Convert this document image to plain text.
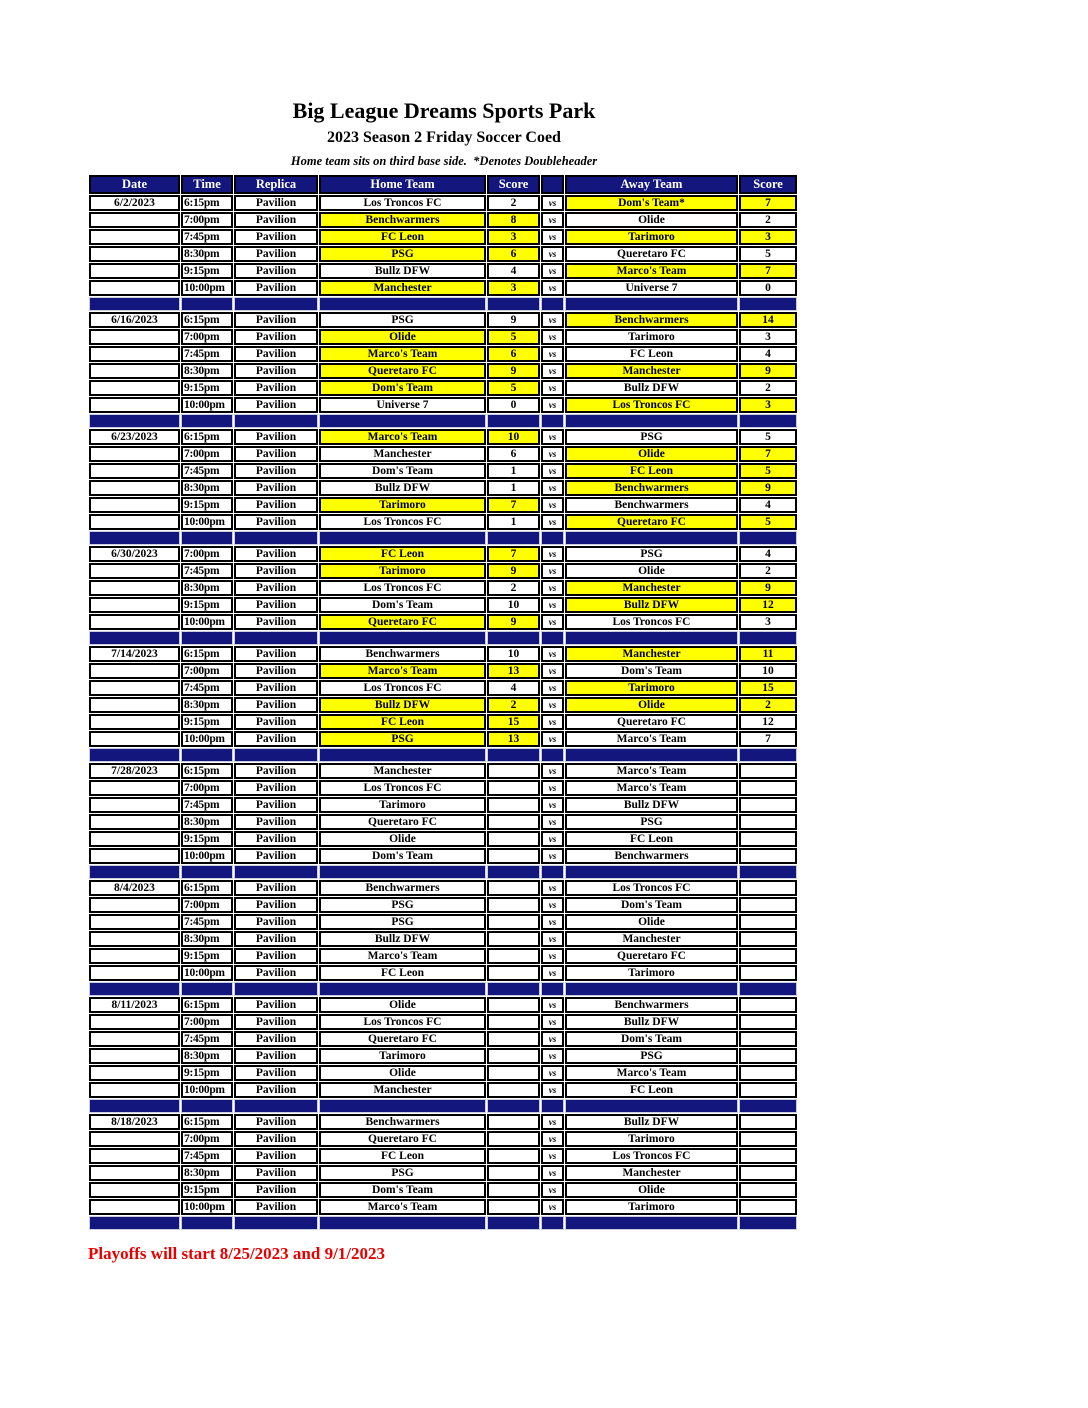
Big League Dreams Sports Park
2023 Season 2 Friday Soccer Coed
Home team sits on third base side.  *Denotes Doubleheader
Date	Time	Replica	Home Team	Score		Away Team	Score
6/2/2023	6:15pm	Pavilion	Los Troncos FC	2	vs	Dom's Team*	7
	7:00pm	Pavilion	Benchwarmers	8	vs	Olide	2
	7:45pm	Pavilion	FC Leon	3	vs	Tarimoro	3
	8:30pm	Pavilion	PSG	6	vs	Queretaro FC	5
	9:15pm	Pavilion	Bullz DFW	4	vs	Marco's Team	7
	10:00pm	Pavilion	Manchester	3	vs	Universe 7	0

6/16/2023	6:15pm	Pavilion	PSG	9	vs	Benchwarmers	14
	7:00pm	Pavilion	Olide	5	vs	Tarimoro	3
	7:45pm	Pavilion	Marco's Team	6	vs	FC Leon	4
	8:30pm	Pavilion	Queretaro FC	9	vs	Manchester	9
	9:15pm	Pavilion	Dom's Team	5	vs	Bullz DFW	2
	10:00pm	Pavilion	Universe 7	0	vs	Los Troncos FC	3

6/23/2023	6:15pm	Pavilion	Marco's Team	10	vs	PSG	5
	7:00pm	Pavilion	Manchester	6	vs	Olide	7
	7:45pm	Pavilion	Dom's Team	1	vs	FC Leon	5
	8:30pm	Pavilion	Bullz DFW	1	vs	Benchwarmers	9
	9:15pm	Pavilion	Tarimoro	7	vs	Benchwarmers	4
	10:00pm	Pavilion	Los Troncos FC	1	vs	Queretaro FC	5

6/30/2023	7:00pm	Pavilion	FC Leon	7	vs	PSG	4
	7:45pm	Pavilion	Tarimoro	9	vs	Olide	2
	8:30pm	Pavilion	Los Troncos FC	2	vs	Manchester	9
	9:15pm	Pavilion	Dom's Team	10	vs	Bullz DFW	12
	10:00pm	Pavilion	Queretaro FC	9	vs	Los Troncos FC	3

7/14/2023	6:15pm	Pavilion	Benchwarmers	10	vs	Manchester	11
	7:00pm	Pavilion	Marco's Team	13	vs	Dom's Team	10
	7:45pm	Pavilion	Los Troncos FC	4	vs	Tarimoro	15
	8:30pm	Pavilion	Bullz DFW	2	vs	Olide	2
	9:15pm	Pavilion	FC Leon	15	vs	Queretaro FC	12
	10:00pm	Pavilion	PSG	13	vs	Marco's Team	7

7/28/2023	6:15pm	Pavilion	Manchester		vs	Marco's Team	
	7:00pm	Pavilion	Los Troncos FC		vs	Marco's Team	
	7:45pm	Pavilion	Tarimoro		vs	Bullz DFW	
	8:30pm	Pavilion	Queretaro FC		vs	PSG	
	9:15pm	Pavilion	Olide		vs	FC Leon	
	10:00pm	Pavilion	Dom's Team		vs	Benchwarmers	

8/4/2023	6:15pm	Pavilion	Benchwarmers		vs	Los Troncos FC	
	7:00pm	Pavilion	PSG		vs	Dom's Team	
	7:45pm	Pavilion	PSG		vs	Olide	
	8:30pm	Pavilion	Bullz DFW		vs	Manchester	
	9:15pm	Pavilion	Marco's Team		vs	Queretaro FC	
	10:00pm	Pavilion	FC Leon		vs	Tarimoro	

8/11/2023	6:15pm	Pavilion	Olide		vs	Benchwarmers	
	7:00pm	Pavilion	Los Troncos FC		vs	Bullz DFW	
	7:45pm	Pavilion	Queretaro FC		vs	Dom's Team	
	8:30pm	Pavilion	Tarimoro		vs	PSG	
	9:15pm	Pavilion	Olide		vs	Marco's Team	
	10:00pm	Pavilion	Manchester		vs	FC Leon	

8/18/2023	6:15pm	Pavilion	Benchwarmers		vs	Bullz DFW	
	7:00pm	Pavilion	Queretaro FC		vs	Tarimoro	
	7:45pm	Pavilion	FC Leon		vs	Los Troncos FC	
	8:30pm	Pavilion	PSG		vs	Manchester	
	9:15pm	Pavilion	Dom's Team		vs	Olide	
	10:00pm	Pavilion	Marco's Team		vs	Tarimoro	

Playoffs will start 8/25/2023 and 9/1/2023
